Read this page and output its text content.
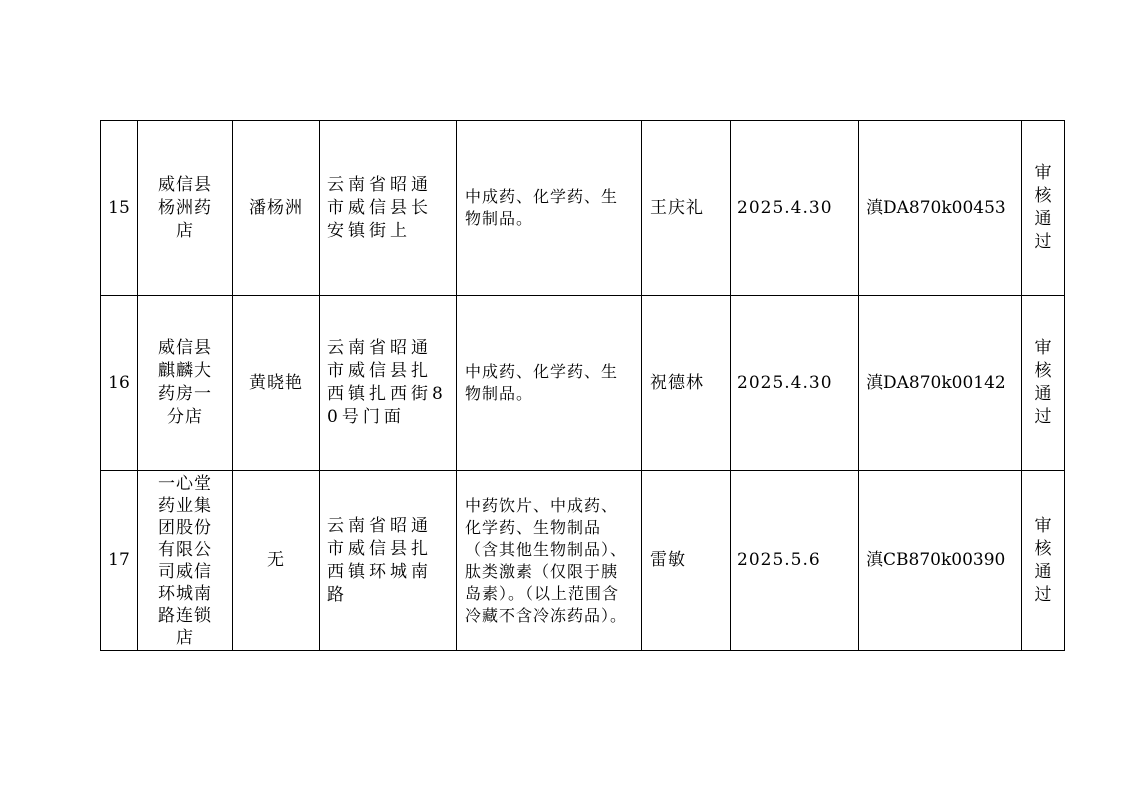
15	威信县杨洲药店	潘杨洲	云南省昭通市威信县长安镇街上	中成药、化学药、生物制品。	王庆礼	2025.4.30	滇DA870k00453	审核通过

16	威信县麒麟大药房一分店	黄晓艳	云南省昭通市威信县扎西镇扎西街80号门面	中成药、化学药、生物制品。	祝德林	2025.4.30	滇DA870k00142	审核通过

17	一心堂药业集团股份有限公司威信环城南路连锁店	无	云南省昭通市威信县扎西镇环城南路	中药饮片、中成药、化学药、生物制品（含其他生物制品）、肽类激素（仅限于胰岛素）。（以上范围含冷藏不含冷冻药品）。	雷敏	2025.5.6	滇CB870k00390	审核通过
